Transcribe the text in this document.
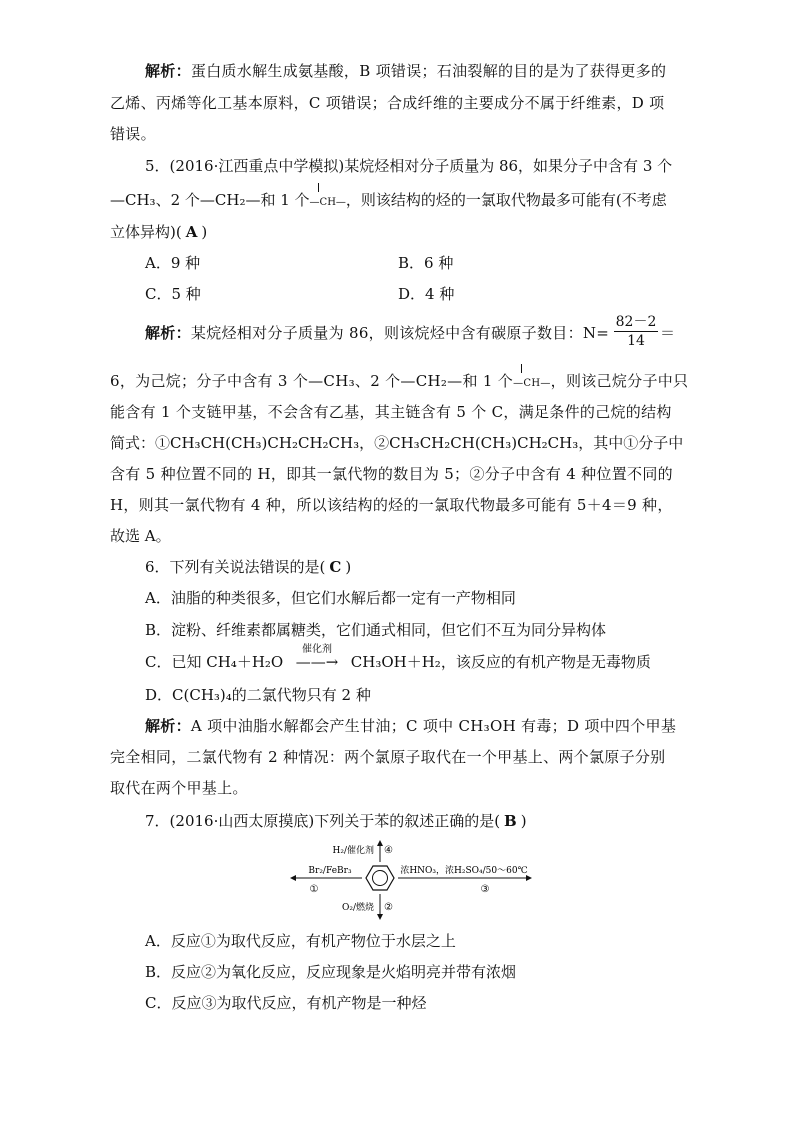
解析：蛋白质水解生成氨基酸，B 项错误；石油裂解的目的是为了获得更多的
乙烯、丙烯等化工基本原料，C 项错误；合成纤维的主要成分不属于纤维素，D 项
错误。
5．(2016·江西重点中学模拟)某烷烃相对分子质量为 86，如果分子中含有 3 个
—CH₃、2 个—CH₂—和 1 个—CH—，则该结构的烃的一氯取代物最多可能有(不考虑
立体异构)( A )
A．9 种	B．6 种
C．5 种	D．4 种
解析：某烷烃相对分子质量为 86，则该烷烃中含有碳原子数目：$N= \frac{82-2}{14}$ ＝
6，为己烷；分子中含有 3 个—CH₃、2 个—CH₂—和 1 个—CH—，则该己烷分子中只
能含有 1 个支链甲基，不会含有乙基，其主链含有 5 个 C，满足条件的己烷的结构
简式：①CH₃CH(CH₃)CH₂CH₂CH₃，②CH₃CH₂CH(CH₃)CH₂CH₃，其中①分子中
含有 5 种位置不同的 H，即其一氯代物的数目为 5；②分子中含有 4 种位置不同的
H，则其一氯代物有 4 种，所以该结构的烃的一氯取代物最多可能有 5＋4＝9 种，
故选 A。
6．下列有关说法错误的是( C )
A．油脂的种类很多，但它们水解后都一定有一产物相同
B．淀粉、纤维素都属糖类，它们通式相同，但它们不互为同分异构体
C．已知 CH₄＋H₂O
催化剂
——→ CH₃OH＋H₂，该反应的有机产物是无毒物质
D．C(CH₃)₄的二氯代物只有 2 种
解析：A 项中油脂水解都会产生甘油；C 项中 CH₃OH 有毒；D 项中四个甲基
完全相同，二氯代物有 2 种情况：两个氯原子取代在一个甲基上、两个氯原子分别
取代在两个甲基上。
7．(2016·山西太原摸底)下列关于苯的叙述正确的是( B )
H₂/催化剂 ④
Br₂/FeBr₃
①
浓HNO₃，浓H₂SO₄/50～60℃
③
O₂/燃烧 ②
A．反应①为取代反应，有机产物位于水层之上
B．反应②为氧化反应，反应现象是火焰明亮并带有浓烟
C．反应③为取代反应，有机产物是一种烃
